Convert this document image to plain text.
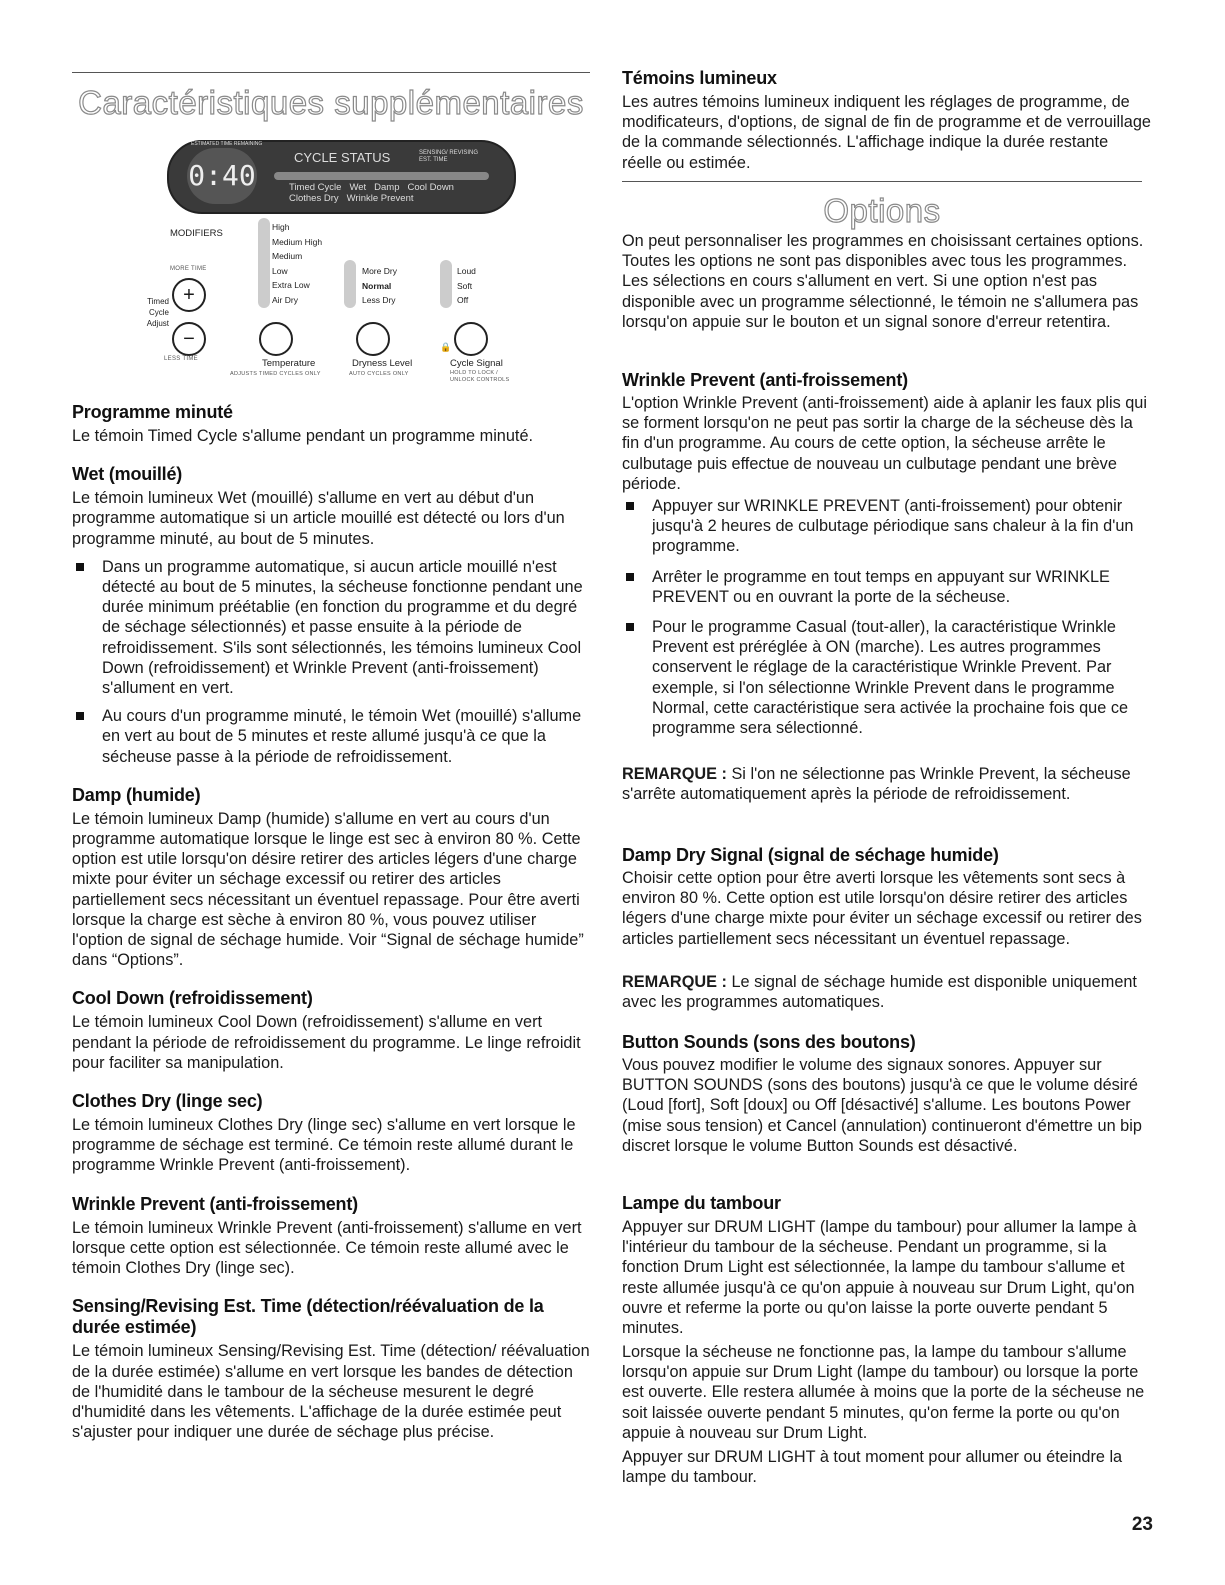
Caractéristiques supplémentaires
ESTIMATED TIME REMAINING
0:40
CYCLE STATUS	SENSING/ REVISING EST. TIME
Timed Cycle Wet Damp Cool Down
Clothes Dry Wrinkle Prevent
MODIFIERS
High
Medium High
Medium
Low
Extra Low
Air Dry
More Dry
Normal
Less Dry
Loud
Soft
Off
MORE TIME
+
−
LESS TIME
Timed
Cycle
Adjust
🔒
Temperature	Dryness Level	Cycle Signal
ADJUSTS TIMED CYCLES ONLY	AUTO CYCLES ONLY	HOLD TO LOCK / UNLOCK CONTROLS
Programme minuté

Le témoin Timed Cycle s'allume pendant un programme minuté.

Wet (mouillé)

Le témoin lumineux Wet (mouillé) s'allume en vert au début d'un programme automatique si un article mouillé est détecté ou lors d'un programme minuté, au bout de 5 minutes.

Dans un programme automatique, si aucun article mouillé n'est détecté au bout de 5 minutes, la sécheuse fonctionne pendant une durée minimum préétablie (en fonction du programme et du degré de séchage sélectionnés) et passe ensuite à la période de refroidissement. S'ils sont sélectionnés, les témoins lumineux Cool Down (refroidissement) et Wrinkle Prevent (anti-froissement) s'allument en vert.
Au cours d'un programme minuté, le témoin Wet (mouillé) s'allume en vert au bout de 5 minutes et reste allumé jusqu'à ce que la sécheuse passe à la période de refroidissement.
Damp (humide)

Le témoin lumineux Damp (humide) s'allume en vert au cours d'un programme automatique lorsque le linge est sec à environ 80 %. Cette option est utile lorsqu'on désire retirer des articles légers d'une charge mixte pour éviter un séchage excessif ou retirer des articles partiellement secs nécessitant un éventuel repassage. Pour être averti lorsque la charge est sèche à environ 80 %, vous pouvez utiliser l'option de signal de séchage humide. Voir “Signal de séchage humide” dans “Options”.

Cool Down (refroidissement)

Le témoin lumineux Cool Down (refroidissement) s'allume en vert pendant la période de refroidissement du programme. Le linge refroidit pour faciliter sa manipulation.

Clothes Dry (linge sec)

Le témoin lumineux Clothes Dry (linge sec) s'allume en vert lorsque le programme de séchage est terminé. Ce témoin reste allumé durant le programme Wrinkle Prevent (anti-froissement).

Wrinkle Prevent (anti-froissement)

Le témoin lumineux Wrinkle Prevent (anti-froissement) s'allume en vert lorsque cette option est sélectionnée. Ce témoin reste allumé avec le témoin Clothes Dry (linge sec).

Sensing/Revising Est. Time (détection/réévaluation de la durée estimée)

Le témoin lumineux Sensing/Revising Est. Time (détection/ réévaluation de la durée estimée) s'allume en vert lorsque les bandes de détection de l'humidité dans le tambour de la sécheuse mesurent le degré d'humidité dans les vêtements. L'affichage de la durée estimée peut s'ajuster pour indiquer une durée de séchage plus précise.

Témoins lumineux

Les autres témoins lumineux indiquent les réglages de programme, de modificateurs, d'options, de signal de fin de programme et de verrouillage de la commande sélectionnés. L'affichage indique la durée restante réelle ou estimée.

Options

On peut personnaliser les programmes en choisissant certaines options. Toutes les options ne sont pas disponibles avec tous les programmes. Les sélections en cours s'allument en vert. Si une option n'est pas disponible avec un programme sélectionné, le témoin ne s'allumera pas lorsqu'on appuie sur le bouton et un signal sonore d'erreur retentira.

Wrinkle Prevent (anti-froissement)

L'option Wrinkle Prevent (anti-froissement) aide à aplanir les faux plis qui se forment lorsqu'on ne peut pas sortir la charge de la sécheuse dès la fin d'un programme. Au cours de cette option, la sécheuse arrête le culbutage puis effectue de nouveau un culbutage pendant une brève période.

Appuyer sur WRINKLE PREVENT (anti-froissement) pour obtenir jusqu'à 2 heures de culbutage périodique sans chaleur à la fin d'un programme.
Arrêter le programme en tout temps en appuyant sur WRINKLE PREVENT ou en ouvrant la porte de la sécheuse.
Pour le programme Casual (tout-aller), la caractéristique Wrinkle Prevent est préréglée à ON (marche). Les autres programmes conservent le réglage de la caractéristique Wrinkle Prevent. Par exemple, si l'on sélectionne Wrinkle Prevent dans le programme Normal, cette caractéristique sera activée la prochaine fois que ce programme sera sélectionné.

REMARQUE : Si l'on ne sélectionne pas Wrinkle Prevent, la sécheuse s'arrête automatiquement après la période de refroidissement.

Damp Dry Signal (signal de séchage humide)

Choisir cette option pour être averti lorsque les vêtements sont secs à environ 80 %. Cette option est utile lorsqu'on désire retirer des articles légers d'une charge mixte pour éviter un séchage excessif ou retirer des articles partiellement secs nécessitant un éventuel repassage.

REMARQUE : Le signal de séchage humide est disponible uniquement avec les programmes automatiques.

Button Sounds (sons des boutons)

Vous pouvez modifier le volume des signaux sonores. Appuyer sur BUTTON SOUNDS (sons des boutons) jusqu'à ce que le volume désiré (Loud [fort], Soft [doux] ou Off [désactivé] s'allume. Les boutons Power (mise sous tension) et Cancel (annulation) continueront d'émettre un bip discret lorsque le volume Button Sounds est désactivé.

Lampe du tambour

Appuyer sur DRUM LIGHT (lampe du tambour) pour allumer la lampe à l'intérieur du tambour de la sécheuse. Pendant un programme, si la fonction Drum Light est sélectionnée, la lampe du tambour s'allume et reste allumée jusqu'à ce qu'on appuie à nouveau sur Drum Light, qu'on ouvre et referme la porte ou qu'on laisse la porte ouverte pendant 5 minutes.

Lorsque la sécheuse ne fonctionne pas, la lampe du tambour s'allume lorsqu'on appuie sur Drum Light (lampe du tambour) ou lorsque la porte est ouverte. Elle restera allumée à moins que la porte de la sécheuse ne soit laissée ouverte pendant 5 minutes, qu'on ferme la porte ou qu'on appuie à nouveau sur Drum Light.

Appuyer sur DRUM LIGHT à tout moment pour allumer ou éteindre la lampe du tambour.

23
